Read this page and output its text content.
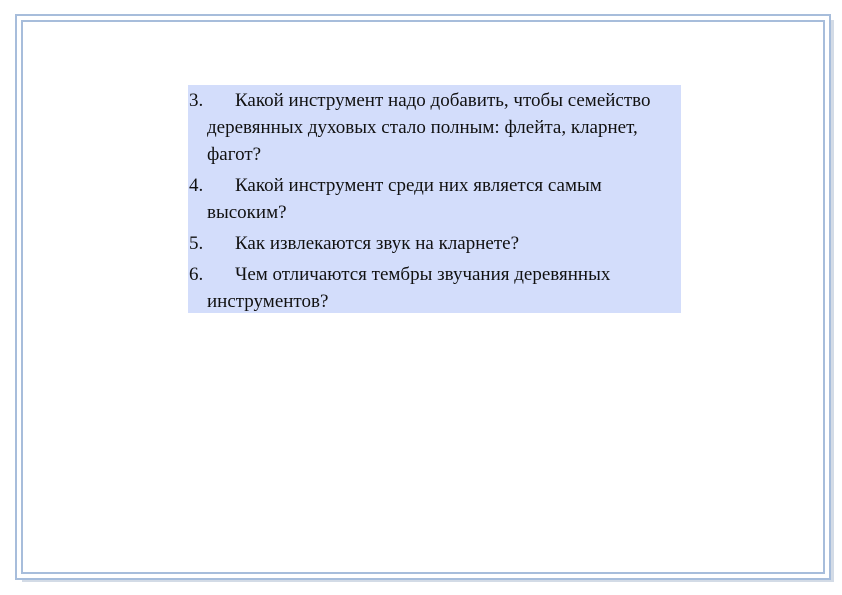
3.	Какой инструмент надо добавить, чтобы семейство деревянных духовых стало полным: флейта, кларнет, фагот?
4.	Какой инструмент среди них является самым высоким?
5.	Как извлекаются звук на кларнете?
6.	Чем отличаются тембры звучания деревянных инструментов?
